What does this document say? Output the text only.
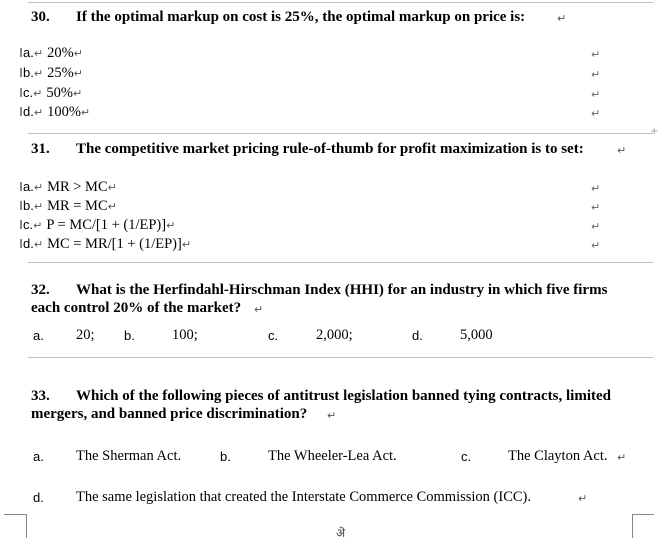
30. If the optimal markup on cost is 25%, the optimal markup on price is:	↵
a.↵ 20%↵
b.↵ 25%↵
c.↵ 50%↵
d.↵ 100%↵
↵
↵
↵
↵
+
31. The competitive market pricing rule-of-thumb for profit maximization is to set:	↵
a.↵ MR > MC↵
b.↵ MR = MC↵
c.↵ P = MC/[1 + (1/EP)]↵
d.↵ MC = MR/[1 + (1/EP)]↵
↵
↵
↵
↵
32. What is the Herfindahl-Hirschman Index (HHI) for an industry in which five firms
each control 20% of the market? ↵
a. 20; b.	100;	c.	2,000;	d.	5,000
33. Which of the following pieces of antitrust legislation banned tying contracts, limited
mergers, and banned price discrimination? ↵
a. The Sherman Act.	b.	The Wheeler-Lea Act.	c.	The Clayton Act. ↵
d. The same legislation that created the Interstate Commerce Commission (ICC).	↵
ऄ
